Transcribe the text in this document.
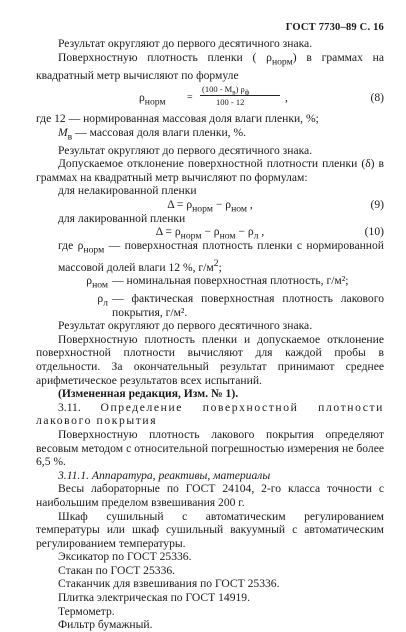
ГОСТ 7730–89 С. 16

Результат округляют до первого десятичного знака.

Поверхностную плотность пленки ( $\rho_{норм}$) в граммах на квадратный метр вычисляют по формуле

$\rho_{норм}$ =
$(100 - M_в)$ $\rho_ф$
100 - 12	,	(8)

где 12 — нормированная массовая доля влаги пленки, %;

$M_в$ — массовая доля влаги пленки, %.

Результат округляют до первого десятичного знака.

Допускаемое отклонение поверхностной плотности пленки (δ) в граммах на квадратный метр вычисляют по формулам:

для нелакированной пленки

$\Delta = \rho_{норм} - \rho_{ном}$ ,	(9)

для лакированной пленки

$\Delta = \rho_{норм} - \rho_{ном} - \rho_л$ ,	(10)

где $\rho_{норм}$ — поверхностная плотность пленки с нормированной массовой долей влаги 12 %, $г/м^2$;

$\rho_{ном}$ — номинальная поверхностная плотность, г/м²;
$\rho_л$ — фактическая поверхностная плотность лакового покрытия, г/м².

Результат округляют до первого десятичного знака.

Поверхностную плотность пленки и допускаемое отклонение поверхностной плотности вычисляют для каждой пробы в отдельности. За окончательный результат принимают среднее арифметическое результатов всех испытаний.

(Измененная редакция, Изм. № 1).

3.11. Определение поверхностной плотности лакового покрытия

Поверхностную плотность лакового покрытия определяют весовым методом с относительной погрешностью измерения не более 6,5 %.

3.11.1. Аппаратура, реактивы, материалы

Весы лабораторные по ГОСТ 24104, 2-го класса точности с наибольшим пределом взвешивания 200 г.

Шкаф сушильный с автоматическим регулированием температуры или шкаф сушильный вакуумный с автоматическим регулированием температуры.

Эксикатор по ГОСТ 25336.

Стакан по ГОСТ 25336.

Стаканчик для взвешивания по ГОСТ 25336.

Плитка электрическая по ГОСТ 14919.

Термометр.

Фильтр бумажный.
